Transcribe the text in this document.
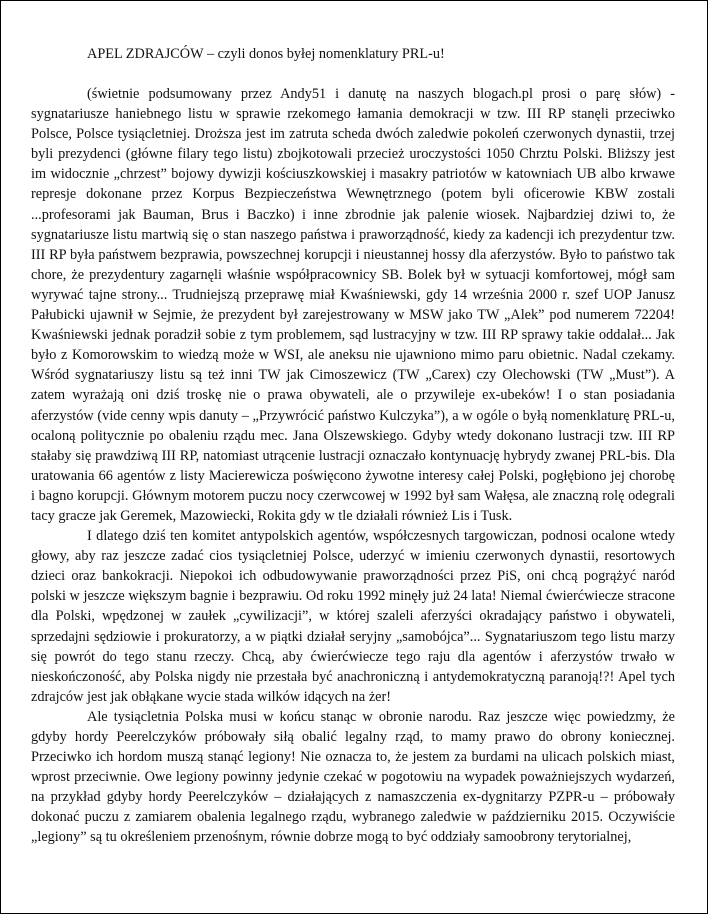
APEL ZDRAJCÓW – czyli donos byłej nomenklatury PRL-u!

(świetnie podsumowany przez Andy51 i danutę na naszych blogach.pl prosi o parę słów) - sygnatariusze haniebnego listu w sprawie rzekomego łamania demokracji w tzw. III RP stanęli przeciwko Polsce, Polsce tysiącletniej. Droższa jest im zatruta scheda dwóch zaledwie pokoleń czerwonych dynastii, trzej byli prezydenci (główne filary tego listu) zbojkotowali przecież uroczystości 1050 Chrztu Polski. Bliższy jest im widocznie „chrzest” bojowy dywizji kościuszkowskiej i masakry patriotów w katowniach UB albo krwawe represje dokonane przez Korpus Bezpieczeństwa Wewnętrznego (potem byli oficerowie KBW zostali ...profesorami jak Bauman, Brus i Baczko) i inne zbrodnie jak palenie wiosek. Najbardziej dziwi to, że sygnatariusze listu martwią się o stan naszego państwa i praworządność, kiedy za kadencji ich prezydentur tzw. III RP była państwem bezprawia, powszechnej korupcji i nieustannej hossy dla aferzystów. Było to państwo tak chore, że prezydentury zagarnęli właśnie współpracownicy SB. Bolek był w sytuacji komfortowej, mógł sam wyrywać tajne strony... Trudniejszą przeprawę miał Kwaśniewski, gdy 14 września 2000 r. szef UOP Janusz Pałubicki ujawnił w Sejmie, że prezydent był zarejestrowany w MSW jako TW „Alek” pod numerem 72204! Kwaśniewski jednak poradził sobie z tym problemem, sąd lustracyjny w tzw. III RP sprawy takie oddalał... Jak było z Komorowskim to wiedzą może w WSI, ale aneksu nie ujawniono mimo paru obietnic. Nadal czekamy. Wśród sygnatariuszy listu są też inni TW jak Cimoszewicz (TW „Carex) czy Olechowski (TW „Must”). A zatem wyrażają oni dziś troskę nie o prawa obywateli, ale o przywileje ex-ubeków! I o stan posiadania aferzystów (vide cenny wpis danuty – „Przywrócić państwo Kulczyka”), a w ogóle o byłą nomenklaturę PRL-u, ocaloną politycznie po obaleniu rządu mec. Jana Olszewskiego. Gdyby wtedy dokonano lustracji tzw. III RP stałaby się prawdziwą III RP, natomiast utrącenie lustracji oznaczało kontynuację hybrydy zwanej PRL-bis. Dla uratowania 66 agentów z listy Macierewicza poświęcono żywotne interesy całej Polski, pogłębiono jej chorobę i bagno korupcji. Głównym motorem puczu nocy czerwcowej w 1992 był sam Wałęsa, ale znaczną rolę odegrali tacy gracze jak Geremek, Mazowiecki, Rokita gdy w tle działali również Lis i Tusk.

I dlatego dziś ten komitet antypolskich agentów, współczesnych targowiczan, podnosi ocalone wtedy głowy, aby raz jeszcze zadać cios tysiącletniej Polsce, uderzyć w imieniu czerwonych dynastii, resortowych dzieci oraz bankokracji. Niepokoi ich odbudowywanie praworządności przez PiS, oni chcą pogrążyć naród polski w jeszcze większym bagnie i bezprawiu. Od roku 1992 minęły już 24 lata! Niemal ćwierćwiecze stracone dla Polski, wpędzonej w zaułek „cywilizacji”, w której szaleli aferzyści okradający państwo i obywateli, sprzedajni sędziowie i prokuratorzy, a w piątki działał seryjny „samobójca”... Sygnatariuszom tego listu marzy się powrót do tego stanu rzeczy. Chcą, aby ćwierćwiecze tego raju dla agentów i aferzystów trwało w nieskończoność, aby Polska nigdy nie przestała być anachroniczną i antydemokratyczną paranoją!?! Apel tych zdrajców jest jak obłąkane wycie stada wilków idących na żer!

Ale tysiącletnia Polska musi w końcu stanąc w obronie narodu. Raz jeszcze więc powiedzmy, że gdyby hordy Peerelczyków próbowały siłą obalić legalny rząd, to mamy prawo do obrony koniecznej. Przeciwko ich hordom muszą stanąć legiony! Nie oznacza to, że jestem za burdami na ulicach polskich miast, wprost przeciwnie. Owe legiony powinny jedynie czekać w pogotowiu na wypadek poważniejszych wydarzeń, na przykład gdyby hordy Peerelczyków – działających z namaszczenia ex-dygnitarzy PZPR-u – próbowały dokonać puczu z zamiarem obalenia legalnego rządu, wybranego zaledwie w październiku 2015. Oczywiście „legiony” są tu określeniem przenośnym, równie dobrze mogą to być oddziały samoobrony terytorialnej,
